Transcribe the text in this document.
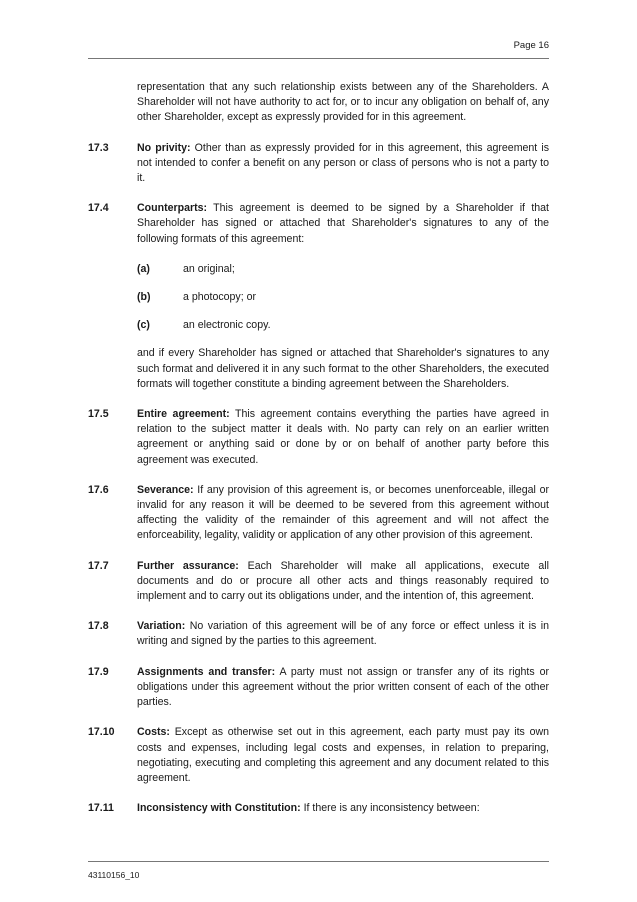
Page 16
representation that any such relationship exists between any of the Shareholders. A Shareholder will not have authority to act for, or to incur any obligation on behalf of, any other Shareholder, except as expressly provided for in this agreement.
17.3	No privity: Other than as expressly provided for in this agreement, this agreement is not intended to confer a benefit on any person or class of persons who is not a party to it.
17.4	Counterparts: This agreement is deemed to be signed by a Shareholder if that Shareholder has signed or attached that Shareholder's signatures to any of the following formats of this agreement:
(a)	an original;
(b)	a photocopy; or
(c)	an electronic copy.
and if every Shareholder has signed or attached that Shareholder's signatures to any such format and delivered it in any such format to the other Shareholders, the executed formats will together constitute a binding agreement between the Shareholders.
17.5	Entire agreement: This agreement contains everything the parties have agreed in relation to the subject matter it deals with. No party can rely on an earlier written agreement or anything said or done by or on behalf of another party before this agreement was executed.
17.6	Severance: If any provision of this agreement is, or becomes unenforceable, illegal or invalid for any reason it will be deemed to be severed from this agreement without affecting the validity of the remainder of this agreement and will not affect the enforceability, legality, validity or application of any other provision of this agreement.
17.7	Further assurance: Each Shareholder will make all applications, execute all documents and do or procure all other acts and things reasonably required to implement and to carry out its obligations under, and the intention of, this agreement.
17.8	Variation: No variation of this agreement will be of any force or effect unless it is in writing and signed by the parties to this agreement.
17.9	Assignments and transfer: A party must not assign or transfer any of its rights or obligations under this agreement without the prior written consent of each of the other parties.
17.10	Costs: Except as otherwise set out in this agreement, each party must pay its own costs and expenses, including legal costs and expenses, in relation to preparing, negotiating, executing and completing this agreement and any document related to this agreement.
17.11	Inconsistency with Constitution: If there is any inconsistency between:
43110156_10
